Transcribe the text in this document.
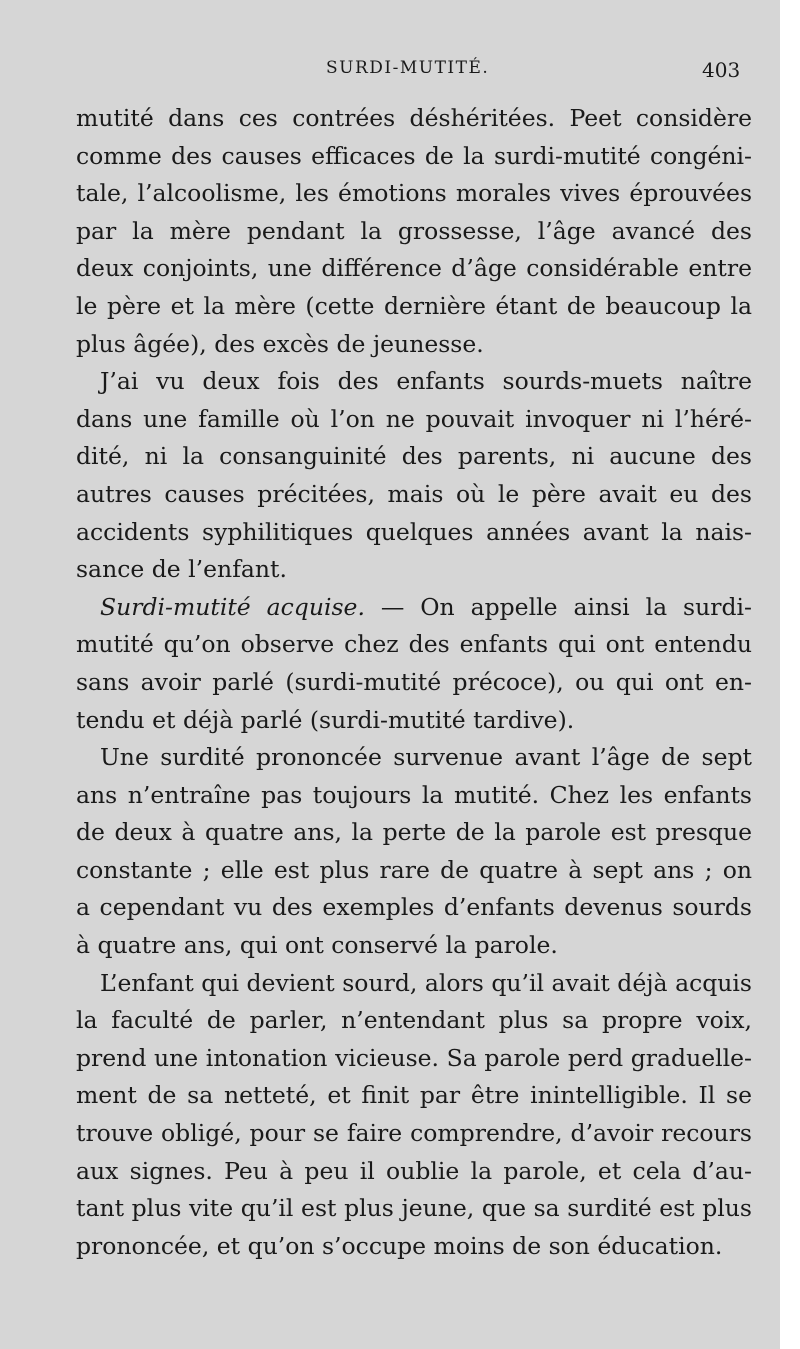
SURDI-MUTITÉ.	403
mutité dans ces contrées déshéritées. Peet considère
comme des causes efficaces de la surdi-mutité congéni-
tale, l’alcoolisme, les émotions morales vives éprouvées
par la mère pendant la grossesse, l’âge avancé des
deux conjoints, une différence d’âge considérable entre
le père et la mère (cette dernière étant de beaucoup la
plus âgée), des excès de jeunesse.
J’ai vu deux fois des enfants sourds-muets naître
dans une famille où l’on ne pouvait invoquer ni l’héré-
dité, ni la consanguinité des parents, ni aucune des
autres causes précitées, mais où le père avait eu des
accidents syphilitiques quelques années avant la nais-
sance de l’enfant.
Surdi-mutité acquise. — On appelle ainsi la surdi-
mutité qu’on observe chez des enfants qui ont entendu
sans avoir parlé (surdi-mutité précoce), ou qui ont en-
tendu et déjà parlé (surdi-mutité tardive).
Une surdité prononcée survenue avant l’âge de sept
ans n’entraîne pas toujours la mutité. Chez les enfants
de deux à quatre ans, la perte de la parole est presque
constante ; elle est plus rare de quatre à sept ans ; on
a cependant vu des exemples d’enfants devenus sourds
à quatre ans, qui ont conservé la parole.
L’enfant qui devient sourd, alors qu’il avait déjà acquis
la faculté de parler, n’entendant plus sa propre voix,
prend une intonation vicieuse. Sa parole perd graduelle-
ment de sa netteté, et finit par être inintelligible. Il se
trouve obligé, pour se faire comprendre, d’avoir recours
aux signes. Peu à peu il oublie la parole, et cela d’au-
tant plus vite qu’il est plus jeune, que sa surdité est plus
prononcée, et qu’on s’occupe moins de son éducation.
